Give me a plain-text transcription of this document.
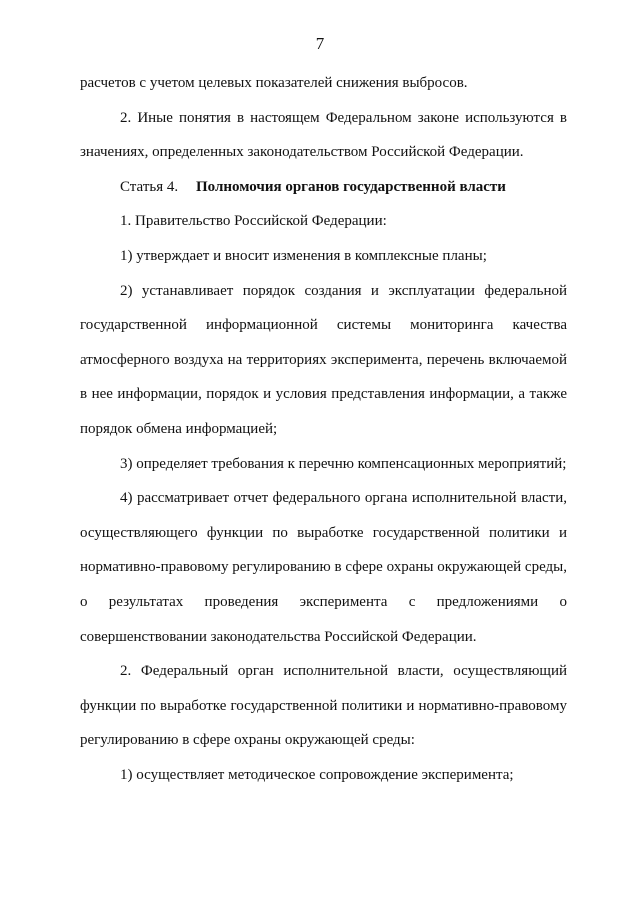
7

расчетов с учетом целевых показателей снижения выбросов.

2. Иные понятия в настоящем Федеральном законе используются в значениях, определенных законодательством Российской Федерации.

Статья 4. Полномочия органов государственной власти

1. Правительство Российской Федерации:

1) утверждает и вносит изменения в комплексные планы;

2) устанавливает порядок создания и эксплуатации федеральной государственной информационной системы мониторинга качества атмосферного воздуха на территориях эксперимента, перечень включаемой в нее информации, порядок и условия представления информации, а также порядок обмена информацией;

3) определяет требования к перечню компенсационных мероприятий;

4) рассматривает отчет федерального органа исполнительной власти, осуществляющего функции по выработке государственной политики и нормативно-правовому регулированию в сфере охраны окружающей среды, о результатах проведения эксперимента с предложениями о совершенствовании законодательства Российской Федерации.

2. Федеральный орган исполнительной власти, осуществляющий функции по выработке государственной политики и нормативно-правовому регулированию в сфере охраны окружающей среды:

1) осуществляет методическое сопровождение эксперимента;
